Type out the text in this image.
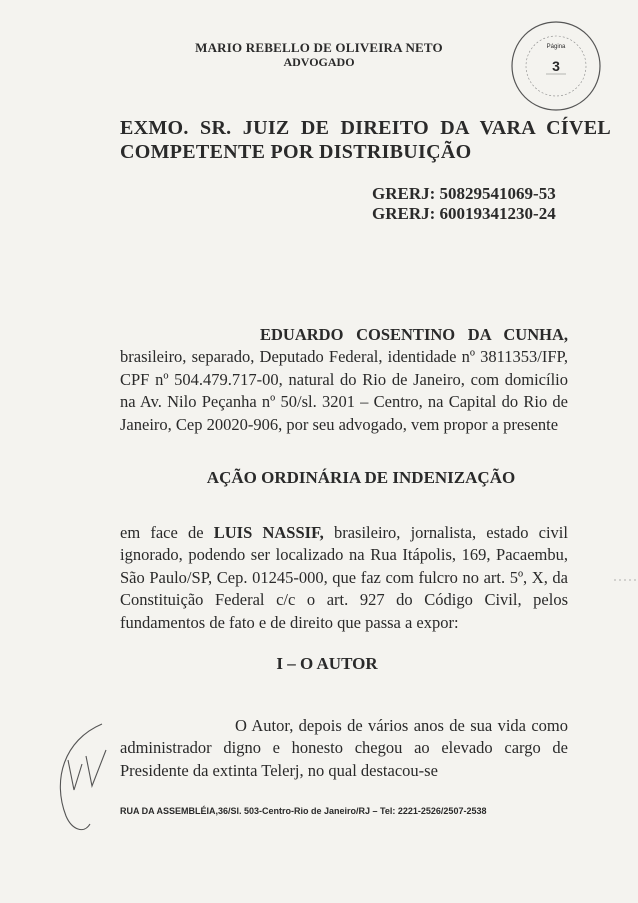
MARIO REBELLO DE OLIVEIRA NETO
ADVOGADO
Página
3
EXMO. SR. JUIZ DE DIREITO DA VARA CÍVEL
COMPETENTE POR DISTRIBUIÇÃO
GRERJ: 50829541069-53
GRERJ: 60019341230-24
EDUARDO COSENTINO DA CUNHA, brasileiro, separado, Deputado Federal, identidade nº 3811353/IFP, CPF nº 504.479.717-00, natural do Rio de Janeiro, com domicílio na Av. Nilo Peçanha nº 50/sl. 3201 – Centro, na Capital do Rio de Janeiro, Cep 20020-906, por seu advogado, vem propor a presente
AÇÃO ORDINÁRIA DE INDENIZAÇÃO
em face de LUIS NASSIF, brasileiro, jornalista, estado civil ignorado, podendo ser localizado na Rua Itápolis, 169, Pacaembu, São Paulo/SP, Cep. 01245-000, que faz com fulcro no art. 5º, X, da Constituição Federal c/c o art. 927 do Código Civil, pelos fundamentos de fato e de direito que passa a expor:
I – O AUTOR
O Autor, depois de vários anos de sua vida como administrador digno e honesto chegou ao elevado cargo de Presidente da extinta Telerj, no qual destacou-se
RUA DA ASSEMBLÉIA,36/Sl. 503-Centro-Rio de Janeiro/RJ – Tel: 2221-2526/2507-2538
